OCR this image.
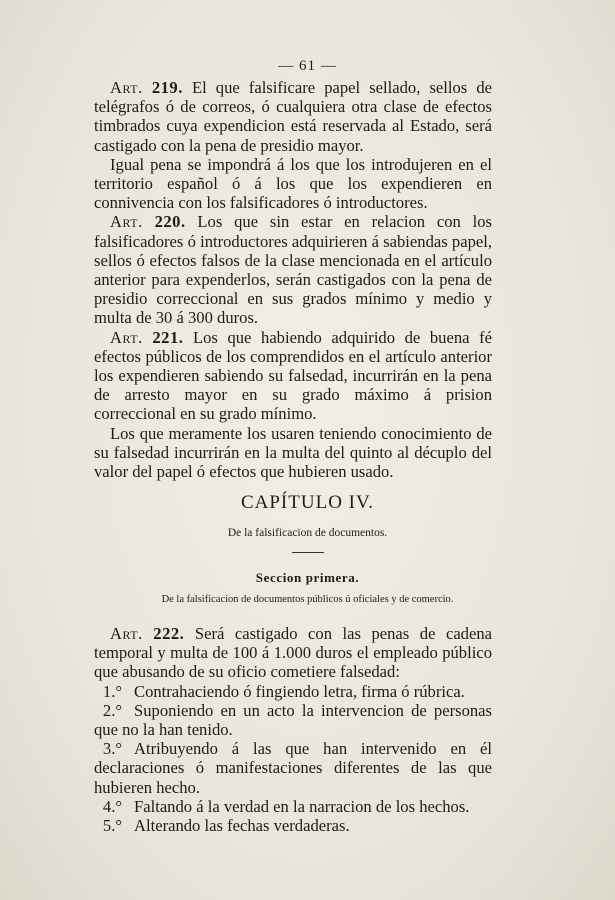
— 61 —

Art. 219. El que falsificare papel sellado, sellos de telégrafos ó de correos, ó cualquiera otra clase de efectos timbrados cuya expendicion está reservada al Estado, será castigado con la pena de presidio mayor.

Igual pena se impondrá á los que los introdujeren en el territorio español ó á los que los expendieren en connivencia con los falsificadores ó introductores.

Art. 220. Los que sin estar en relacion con los falsificadores ó introductores adquirieren á sabiendas papel, sellos ó efectos falsos de la clase mencionada en el artículo anterior para expenderlos, serán castigados con la pena de presidio correccional en sus grados mínimo y medio y multa de 30 á 300 duros.

Art. 221. Los que habiendo adquirido de buena fé efectos públicos de los comprendidos en el artículo anterior los expendieren sabiendo su falsedad, incurrirán en la pena de arresto mayor en su grado máximo á prision correccional en su grado mínimo.

Los que meramente los usaren teniendo conocimiento de su falsedad incurrirán en la multa del quinto al décuplo del valor del papel ó efectos que hubieren usado.

CAPÍTULO IV.
De la falsificacion de documentos.
Seccion primera.
De la falsificacion de documentos públicos ú oficiales y de comercio.

Art. 222. Será castigado con las penas de cadena temporal y multa de 100 á 1.000 duros el empleado público que abusando de su oficio cometiere falsedad:

1.° Contrahaciendo ó fingiendo letra, firma ó rúbrica.

2.° Suponiendo en un acto la intervencion de personas que no la han tenido.

3.° Atribuyendo á las que han intervenido en él declaraciones ó manifestaciones diferentes de las que hubieren hecho.

4.° Faltando á la verdad en la narracion de los hechos.

5.° Alterando las fechas verdaderas.
